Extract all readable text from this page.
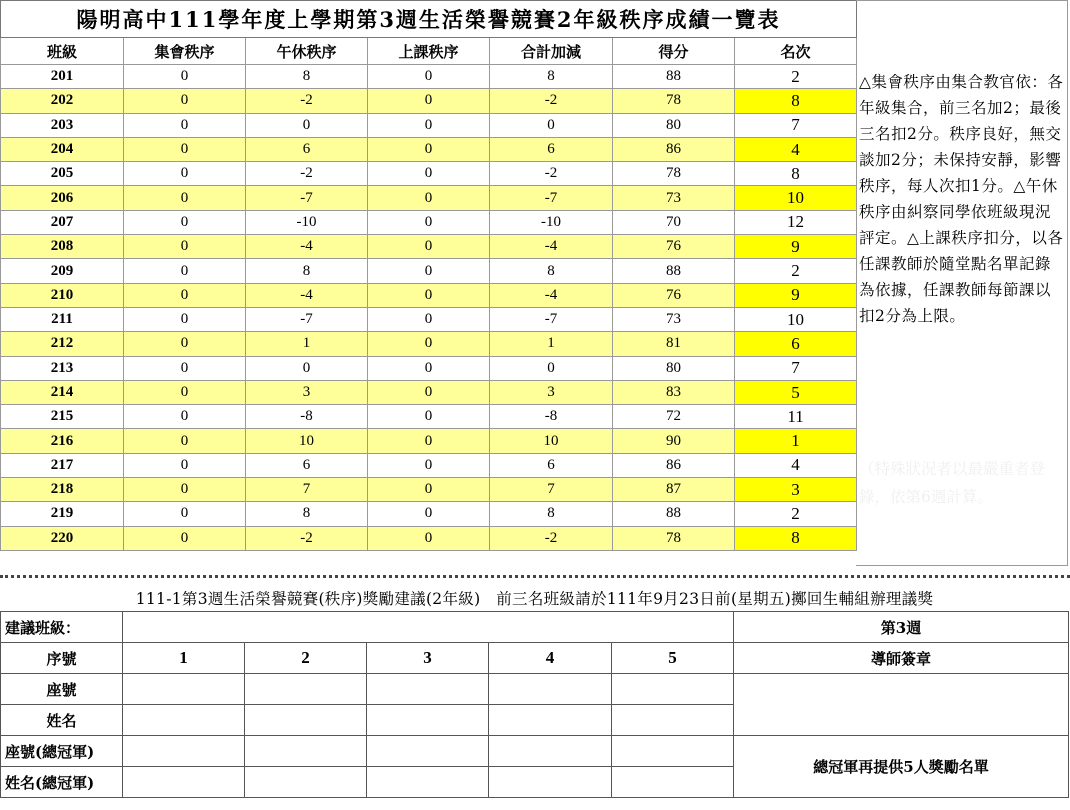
陽明高中111學年度上學期第3週生活榮譽競賽2年級秩序成績一覽表						
班級	集會秩序	午休秩序	上課秩序	合計加減	得分	名次
201	0	8	0	8	88	2
202	0	-2	0	-2	78	8
203	0	0	0	0	80	7
204	0	6	0	6	86	4
205	0	-2	0	-2	78	8
206	0	-7	0	-7	73	10
207	0	-10	0	-10	70	12
208	0	-4	0	-4	76	9
209	0	8	0	8	88	2
210	0	-4	0	-4	76	9
211	0	-7	0	-7	73	10
212	0	1	0	1	81	6
213	0	0	0	0	80	7
214	0	3	0	3	83	5
215	0	-8	0	-8	72	11
216	0	10	0	10	90	1
217	0	6	0	6	86	4
218	0	7	0	7	87	3
219	0	8	0	8	88	2
220	0	-2	0	-2	78	8
△集會秩序由集合教官依：各年級集合，前三名加2；最後三名扣2分。秩序良好，無交談加2分；未保持安靜，影響秩序，每人次扣1分。△午休秩序由糾察同學依班級現況評定。△上課秩序扣分，以各任課教師於隨堂點名單記錄為依據，任課教師每節課以扣2分為上限。
（特殊狀況者以最嚴重者登錄，依第6週計算。
111-1第3週生活榮譽競賽(秩序)獎勵建議(2年級)　前三名班級請於111年9月23日前(星期五)擲回生輔組辦理議獎						
建議班級：						第3週
序號	1	2	3	4	5	導師簽章
座號						
姓名						
座號(總冠軍)						總冠軍再提供5人獎勵名單
姓名(總冠軍)						
